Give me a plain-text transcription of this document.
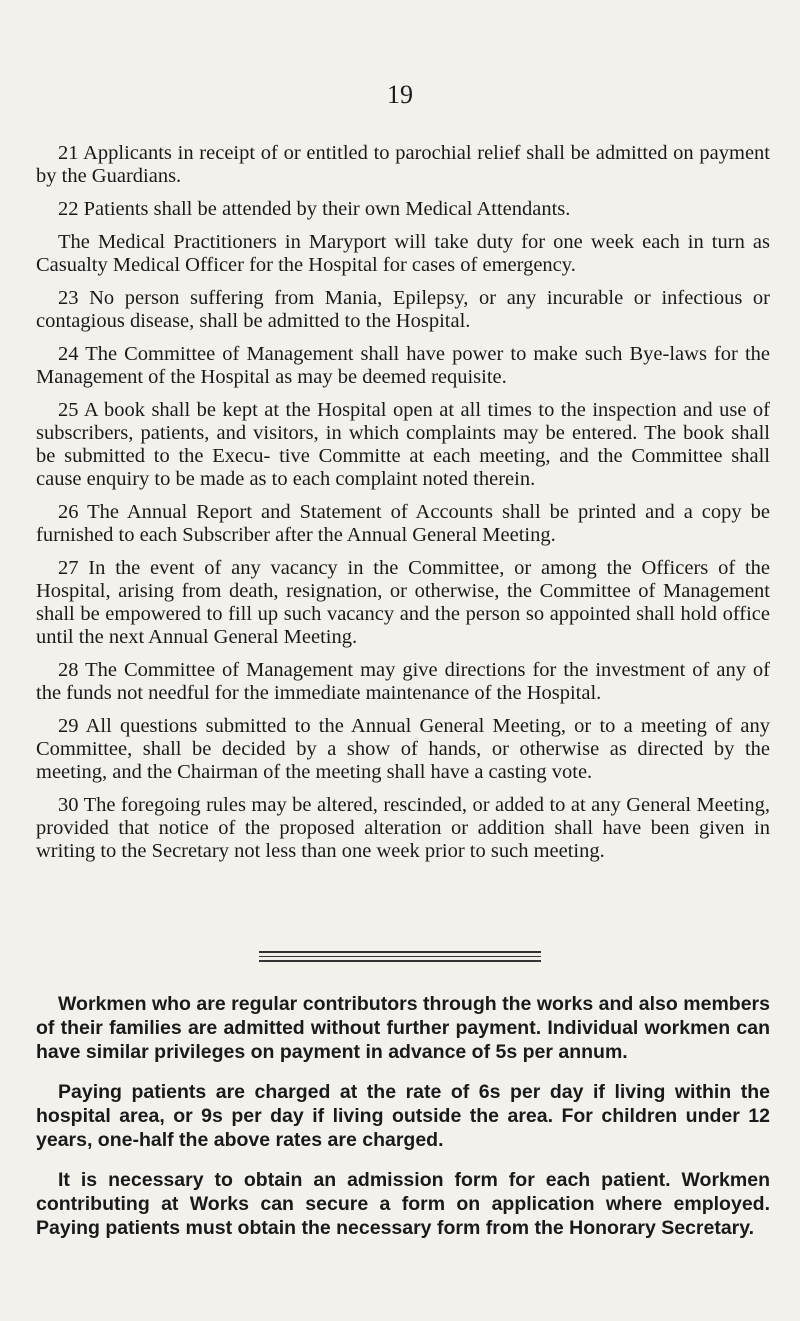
19

21 Applicants in receipt of or entitled to parochial relief shall be admitted on payment by the Guardians.

22 Patients shall be attended by their own Medical Attendants.

The Medical Practitioners in Maryport will take duty for one week each in turn as Casualty Medical Officer for the Hospital for cases of emergency.

23 No person suffering from Mania, Epilepsy, or any incurable or infectious or contagious disease, shall be admitted to the Hospital.

24 The Committee of Management shall have power to make such Bye-laws for the Management of the Hospital as may be deemed requisite.

25 A book shall be kept at the Hospital open at all times to the inspection and use of subscribers, patients, and visitors, in which complaints may be entered. The book shall be submitted to the Execu- tive Committe at each meeting, and the Committee shall cause enquiry to be made as to each complaint noted therein.

26 The Annual Report and Statement of Accounts shall be printed and a copy be furnished to each Subscriber after the Annual General Meeting.

27 In the event of any vacancy in the Committee, or among the Officers of the Hospital, arising from death, resignation, or otherwise, the Committee of Management shall be empowered to fill up such vacancy and the person so appointed shall hold office until the next Annual General Meeting.

28 The Committee of Management may give directions for the investment of any of the funds not needful for the immediate maintenance of the Hospital.

29 All questions submitted to the Annual General Meeting, or to a meeting of any Committee, shall be decided by a show of hands, or otherwise as directed by the meeting, and the Chairman of the meeting shall have a casting vote.

30 The foregoing rules may be altered, rescinded, or added to at any General Meeting, provided that notice of the proposed alteration or addition shall have been given in writing to the Secretary not less than one week prior to such meeting.

Workmen who are regular contributors through the works and also members of their families are admitted without further payment. Individual workmen can have similar privileges on payment in advance of 5s per annum.

Paying patients are charged at the rate of 6s per day if living within the hospital area, or 9s per day if living outside the area. For children under 12 years, one-half the above rates are charged.

It is necessary to obtain an admission form for each patient. Workmen contributing at Works can secure a form on application where employed. Paying patients must obtain the necessary form from the Honorary Secretary.
